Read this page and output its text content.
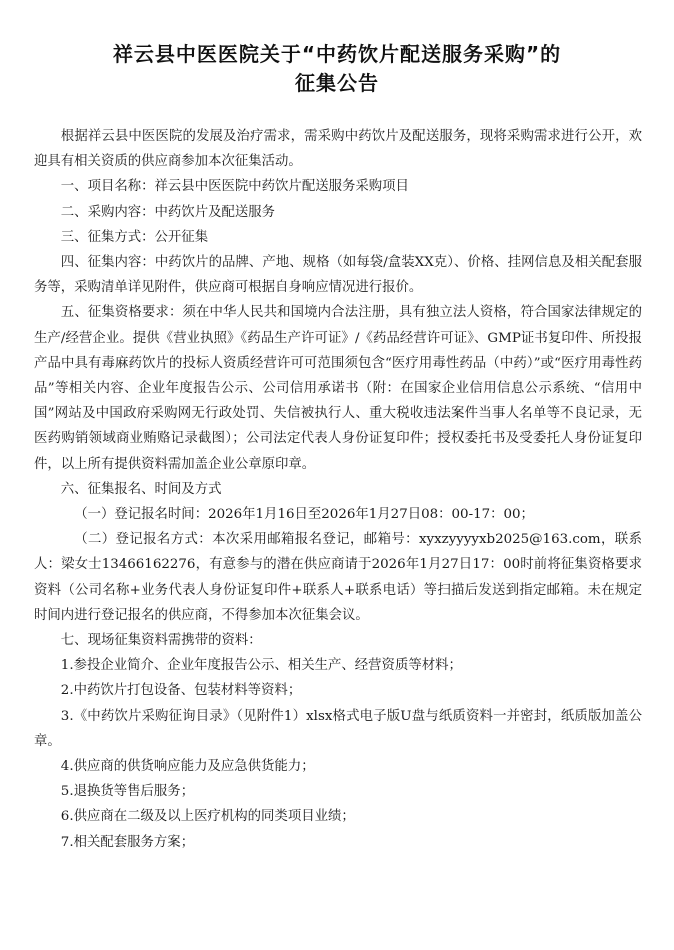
祥云县中医医院关于“中药饮片配送服务采购”的
征集公告

根据祥云县中医医院的发展及治疗需求，需采购中药饮片及配送服务，现将采购需求进行公开，欢迎具有相关资质的供应商参加本次征集活动。

一、项目名称：祥云县中医医院中药饮片配送服务采购项目

二、采购内容：中药饮片及配送服务

三、征集方式：公开征集

四、征集内容：中药饮片的品牌、产地、规格（如每袋/盒装XX克）、价格、挂网信息及相关配套服务等，采购清单详见附件，供应商可根据自身响应情况进行报价。

五、征集资格要求：须在中华人民共和国境内合法注册，具有独立法人资格，符合国家法律规定的生产/经营企业。提供《营业执照》《药品生产许可证》/《药品经营许可证》、GMP证书复印件、所投报产品中具有毒麻药饮片的投标人资质经营许可可范围须包含“医疗用毒性药品（中药）”或“医疗用毒性药品”等相关内容、企业年度报告公示、公司信用承诺书（附：在国家企业信用信息公示系统、“信用中国”网站及中国政府采购网无行政处罚、失信被执行人、重大税收违法案件当事人名单等不良记录，无医药购销领域商业贿赂记录截图）；公司法定代表人身份证复印件；授权委托书及受委托人身份证复印件，以上所有提供资料需加盖企业公章原印章。

六、征集报名、时间及方式

（一）登记报名时间：2026年1月16日至2026年1月27日08：00-17：00；

（二）登记报名方式：本次采用邮箱报名登记，邮箱号：xyxzyyyyxb2025@163.com，联系人：梁女士13466162276，有意参与的潜在供应商请于2026年1月27日17：00时前将征集资格要求资料（公司名称+业务代表人身份证复印件+联系人+联系电话）等扫描后发送到指定邮箱。未在规定时间内进行登记报名的供应商，不得参加本次征集会议。

七、现场征集资料需携带的资料：

1.参投企业简介、企业年度报告公示、相关生产、经营资质等材料；

2.中药饮片打包设备、包装材料等资料；

3.《中药饮片采购征询目录》（见附件1）xlsx格式电子版U盘与纸质资料一并密封，纸质版加盖公章。

4.供应商的供货响应能力及应急供货能力；

5.退换货等售后服务；

6.供应商在二级及以上医疗机构的同类项目业绩；

7.相关配套服务方案；
